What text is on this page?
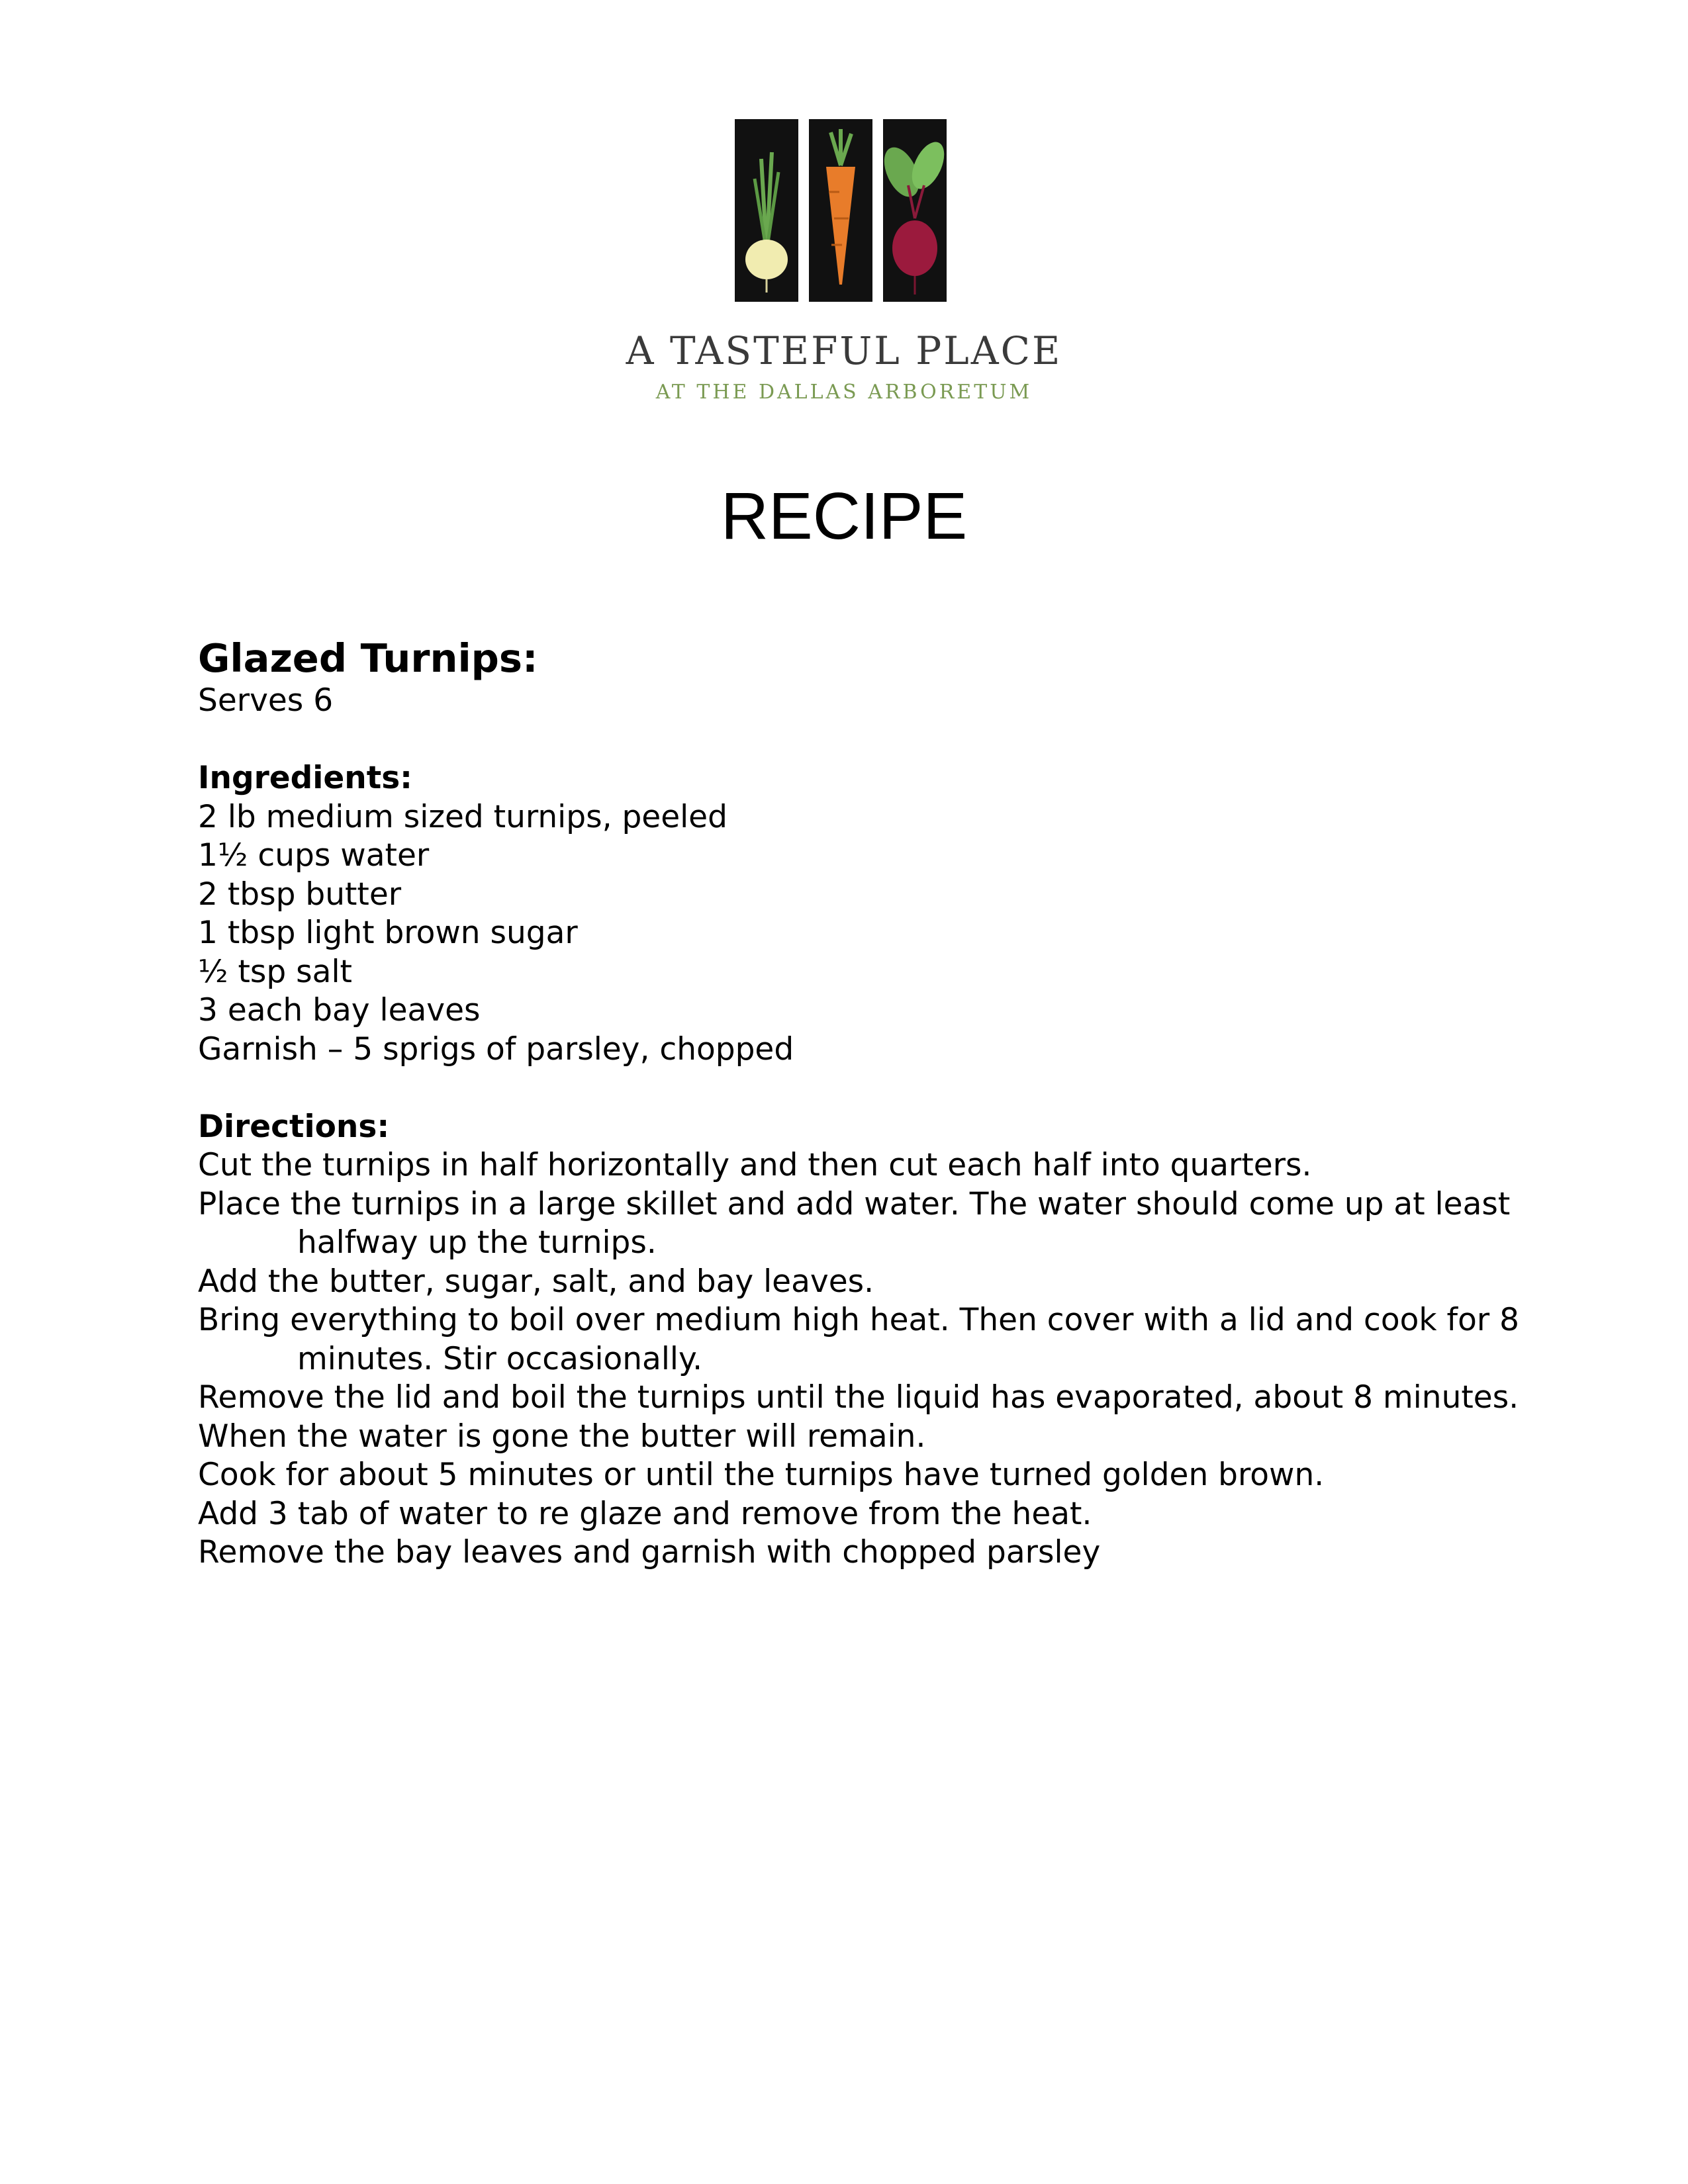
A TASTEFUL PLACE
AT THE DALLAS ARBORETUM
RECIPE
Glazed Turnips:

Serves 6

Ingredients:

2 lb medium sized turnips, peeled
1½ cups water
2 tbsp butter
1 tbsp light brown sugar
½ tsp salt
3 each bay leaves
Garnish – 5 sprigs of parsley, chopped

Directions:

Cut the turnips in half horizontally and then cut each half into quarters.
Place the turnips in a large skillet and add water. The water should come up at least halfway up the turnips.
Add the butter, sugar, salt, and bay leaves.
Bring everything to boil over medium high heat. Then cover with a lid and cook for 8 minutes. Stir occasionally.
Remove the lid and boil the turnips until the liquid has evaporated, about 8 minutes.
When the water is gone the butter will remain.
Cook for about 5 minutes or until the turnips have turned golden brown.
Add 3 tab of water to re glaze and remove from the heat.
Remove the bay leaves and garnish with chopped parsley
